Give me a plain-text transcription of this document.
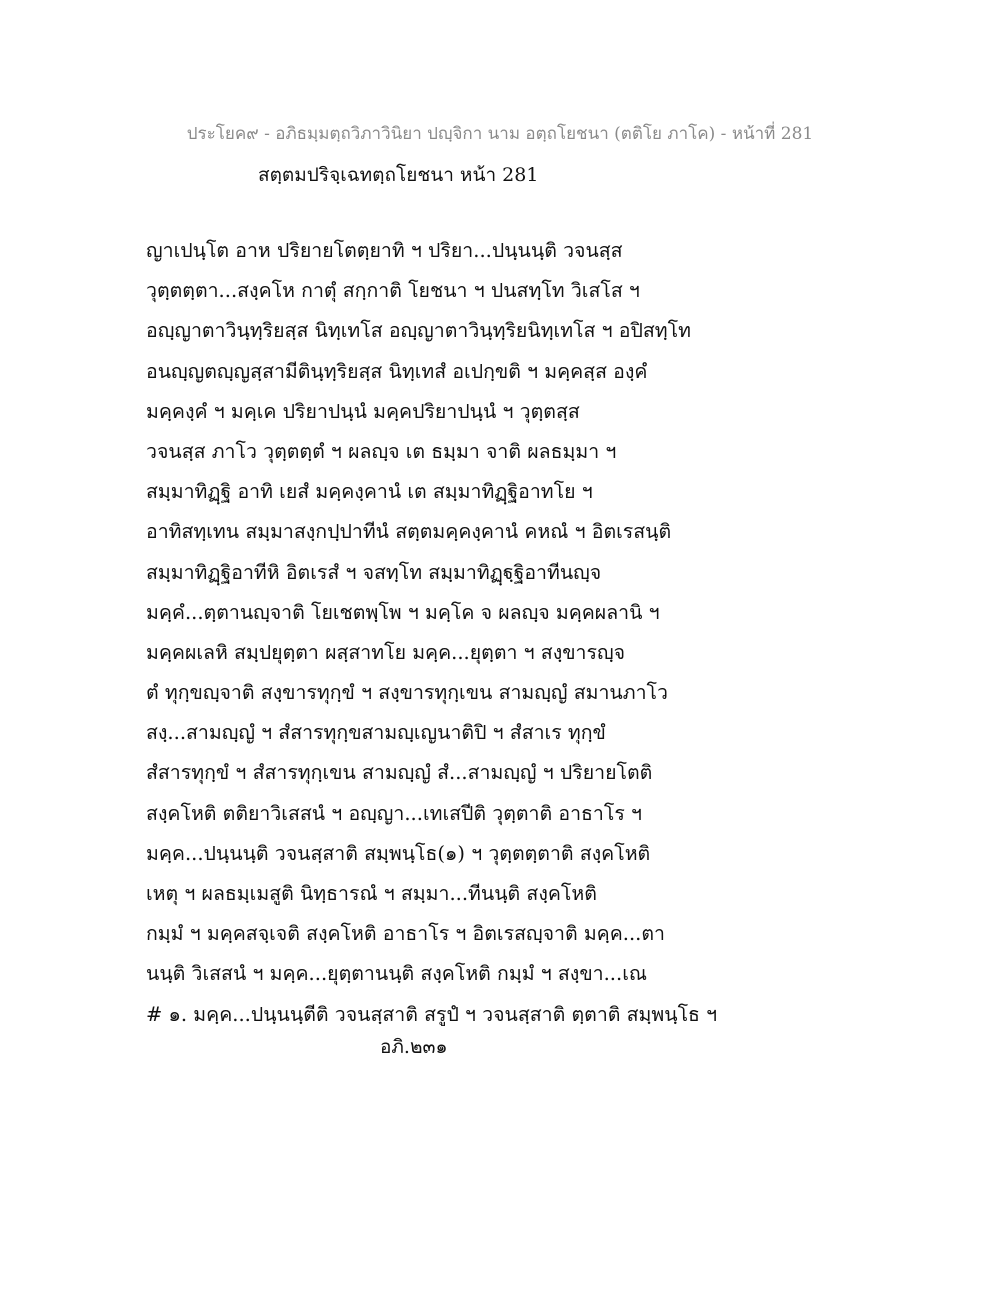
ประโยค๙ - อภิธมฺมตฺถวิภาวินิยา ปญฺจิกา นาม อตฺถโยชนา (ตติโย ภาโค) - หน้าที่ 281
สตฺตมปริจฺเฉทตฺถโยชนา หน้า 281
ญาเปนฺโต อาห ปริยายโตตฺยาทิ ฯ ปริยา...ปนฺนนฺติ วจนสฺส
วุตฺตตฺตา...สงฺคโห กาตุํ สกฺกาติ โยชนา ฯ ปนสทฺโท วิเสโส ฯ
อญฺญาตาวินฺทฺริยสฺส นิทฺเทโส อญฺญาตาวินฺทฺริยนิทฺเทโส ฯ อปิสทฺโท
อนญฺญตญฺญสฺสามีตินฺทฺริยสฺส นิทฺเทสํ อเปกฺขติ ฯ มคฺคสฺส องฺคํ
มคฺคงฺคํ ฯ มคฺเค ปริยาปนฺนํ มคฺคปริยาปนฺนํ ฯ วุตฺตสฺส
วจนสฺส ภาโว วุตฺตตฺตํ ฯ ผลญฺจ เต ธมฺมา จาติ ผลธมฺมา ฯ
สมฺมาทิฏฺฐิ อาทิ เยสํ มคฺคงฺคานํ เต สมฺมาทิฏฺฐิอาทโย ฯ
อาทิสทฺเทน สมฺมาสงฺกปฺปาทีนํ สตฺตมคฺคงฺคานํ คหณํ ฯ อิตเรสนฺติ
สมฺมาทิฏฺฐิอาทีหิ อิตเรสํ ฯ จสทฺโท สมฺมาทิฏฺฐฺฐิอาทีนญฺจ
มคฺคํ...ตฺตานญฺจาติ โยเชตพฺโพ ฯ มคฺโค จ ผลญฺจ มคฺคผลานิ ฯ
มคฺคผเลหิ สมฺปยุตฺตา ผสฺสาทโย มคฺค...ยุตฺตา ฯ สงฺขารญฺจ
ตํ ทุกฺขญฺจาติ สงฺขารทุกฺขํ ฯ สงฺขารทุกฺเขน สามญฺญํ สมานภาโว
สงฺ...สามญฺญํ ฯ สํสารทุกฺขสามญฺเญนาติปิ ฯ สํสาเร ทุกฺขํ
สํสารทุกฺขํ ฯ สํสารทุกฺเขน สามญฺญํ สํ...สามญฺญํ ฯ ปริยายโตติ
สงฺคโหติ ตติยาวิเสสนํ ฯ อญฺญา...เทเสปีติ วุตฺตาติ อาธาโร ฯ
มคฺค...ปนฺนนฺติ วจนสฺสาติ สมฺพนฺโธ(๑) ฯ วุตฺตตฺตาติ สงฺคโหติ
เหตุ ฯ ผลธมฺเมสูติ นิทฺธารณํ ฯ สมฺมา...ทีนนฺติ สงฺคโหติ
กมฺมํ ฯ มคฺคสจฺเจติ สงฺคโหติ อาธาโร ฯ อิตเรสญฺจาติ มคฺค...ตา
นนฺติ วิเสสนํ ฯ มคฺค...ยุตฺตานนฺติ สงฺคโหติ กมฺมํ ฯ สงฺขา...เณ
# ๑. มคฺค...ปนฺนนฺตีติ วจนสฺสาติ สรูปํ ฯ วจนสฺสาติ ตฺตาติ สมฺพนฺโธ ฯ
อภิ.๒๓๑
